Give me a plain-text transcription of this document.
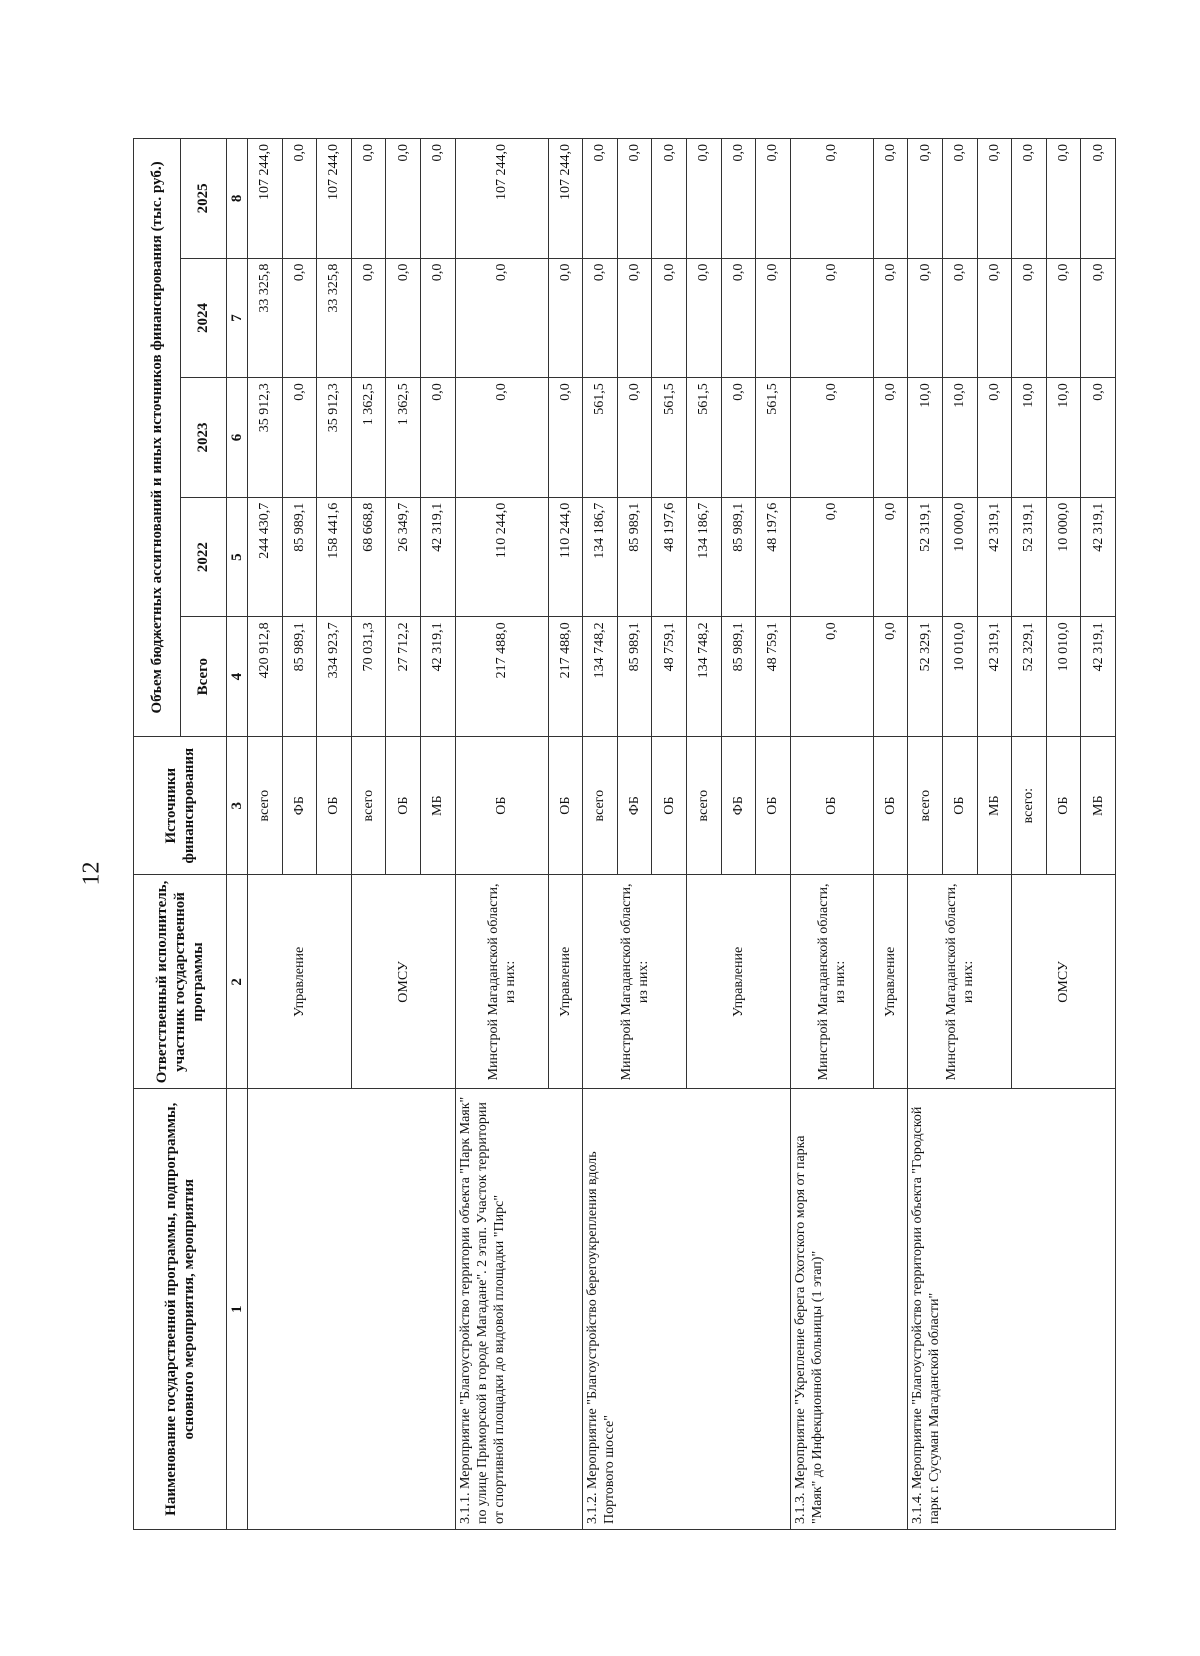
12
Наименование государственной программы, подпрограммы, основного мероприятия, мероприятия	Ответственный исполнитель, участник государственной программы	Источники финансирования	Объем бюджетных ассигнований и иных источников финансирования (тыс. руб.)				
			Всего	2022	2023	2024	2025
1	2	3	4	5	6	7	8
	Управление	всего	420 912,8	244 430,7	35 912,3	33 325,8	107 244,0
		ФБ	85 989,1	85 989,1	0,0	0,0	0,0
		ОБ	334 923,7	158 441,6	35 912,3	33 325,8	107 244,0
	ОМСУ	всего	70 031,3	68 668,8	1 362,5	0,0	0,0
		ОБ	27 712,2	26 349,7	1 362,5	0,0	0,0
		МБ	42 319,1	42 319,1	0,0	0,0	0,0
3.1.1. Мероприятие "Благоустройство территории объекта "Парк Маяк" по улице Приморской в городе Магадане". 2 этап. Участок территории от спортивной площадки до видовой площадки "Пирс"	Минстрой Магаданской области, из них:	ОБ	217 488,0	110 244,0	0,0	0,0	107 244,0
	Управление	ОБ	217 488,0	110 244,0	0,0	0,0	107 244,0
3.1.2. Мероприятие "Благоустройство берегоукрепления вдоль Портового шоссе"	Минстрой Магаданской области, из них:	всего	134 748,2	134 186,7	561,5	0,0	0,0
		ФБ	85 989,1	85 989,1	0,0	0,0	0,0
		ОБ	48 759,1	48 197,6	561,5	0,0	0,0
	Управление	всего	134 748,2	134 186,7	561,5	0,0	0,0
		ФБ	85 989,1	85 989,1	0,0	0,0	0,0
		ОБ	48 759,1	48 197,6	561,5	0,0	0,0
3.1.3. Мероприятие "Укрепление берега Охотского моря от парка "Маяк" до Инфекционной больницы (1 этап)"	Минстрой Магаданской области, из них:	ОБ	0,0	0,0	0,0	0,0	0,0
	Управление	ОБ	0,0	0,0	0,0	0,0	0,0
3.1.4. Мероприятие "Благоустройство территории объекта "Городской парк г. Сусуман Магаданской области"	Минстрой Магаданской области, из них:	всего	52 329,1	52 319,1	10,0	0,0	0,0
		ОБ	10 010,0	10 000,0	10,0	0,0	0,0
		МБ	42 319,1	42 319,1	0,0	0,0	0,0
	ОМСУ	всего:	52 329,1	52 319,1	10,0	0,0	0,0
		ОБ	10 010,0	10 000,0	10,0	0,0	0,0
		МБ	42 319,1	42 319,1	0,0	0,0	0,0
